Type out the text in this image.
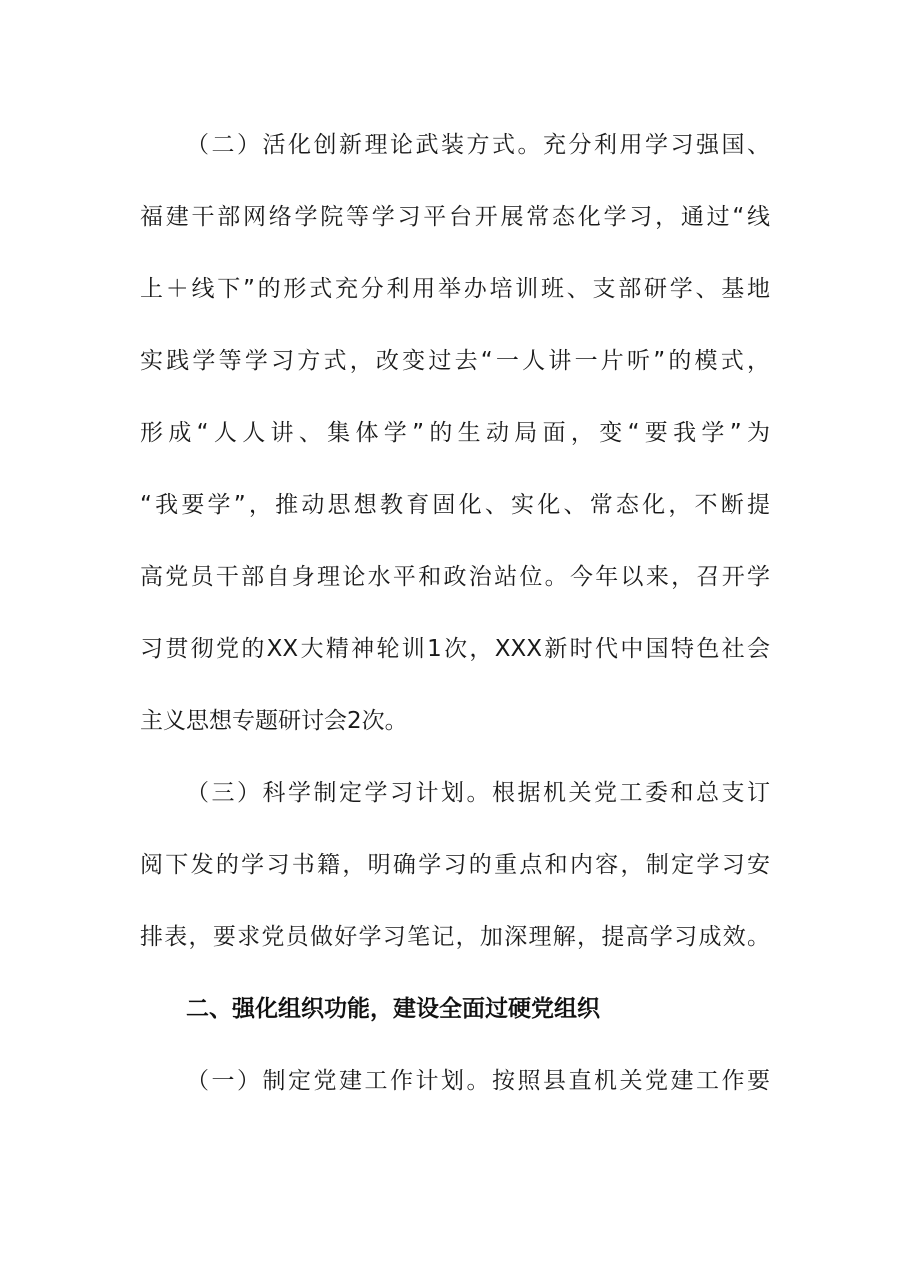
（二）活化创新理论武装方式。充分利用学习强国、
福建干部网络学院等学习平台开展常态化学习，通过“线
上＋线下”的形式充分利用举办培训班、支部研学、基地
实践学等学习方式，改变过去“一人讲一片听”的模式，
形成“人人讲、集体学”的生动局面，变“要我学”为
“我要学”，推动思想教育固化、实化、常态化，不断提
高党员干部自身理论水平和政治站位。今年以来，召开学
习贯彻党的XX大精神轮训1次，XXX新时代中国特色社会
主义思想专题研讨会2次。
（三）科学制定学习计划。根据机关党工委和总支订
阅下发的学习书籍，明确学习的重点和内容，制定学习安
排表，要求党员做好学习笔记，加深理解，提高学习成效。
二、强化组织功能，建设全面过硬党组织
（一）制定党建工作计划。按照县直机关党建工作要
